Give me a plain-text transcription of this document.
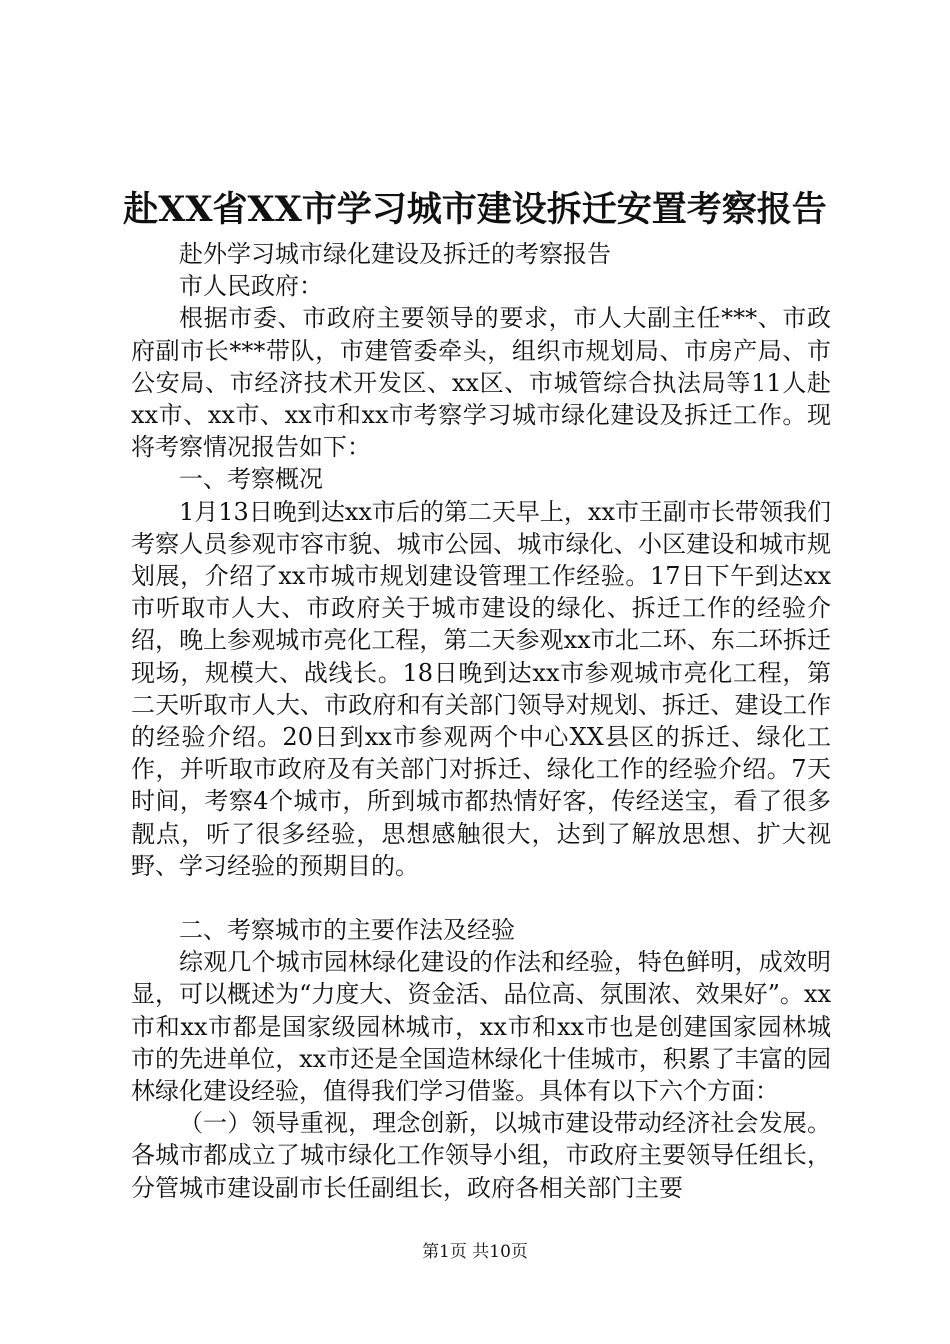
赴XX省XX市学习城市建设拆迁安置考察报告

赴外学习城市绿化建设及拆迁的考察报告

市人民政府：

根据市委、市政府主要领导的要求，市人大副主任***、市政府副市长***带队，市建管委牵头，组织市规划局、市房产局、市公安局、市经济技术开发区、xx区、市城管综合执法局等11人赴xx市、xx市、xx市和xx市考察学习城市绿化建设及拆迁工作。现将考察情况报告如下：

一、考察概况

1月13日晚到达xx市后的第二天早上，xx市王副市长带领我们考察人员参观市容市貌、城市公园、城市绿化、小区建设和城市规划展，介绍了xx市城市规划建设管理工作经验。17日下午到达xx市听取市人大、市政府关于城市建设的绿化、拆迁工作的经验介绍，晚上参观城市亮化工程，第二天参观xx市北二环、东二环拆迁现场，规模大、战线长。18日晚到达xx市参观城市亮化工程，第二天听取市人大、市政府和有关部门领导对规划、拆迁、建设工作的经验介绍。20日到xx市参观两个中心XX县区的拆迁、绿化工作，并听取市政府及有关部门对拆迁、绿化工作的经验介绍。7天时间，考察4个城市，所到城市都热情好客，传经送宝，看了很多靓点，听了很多经验，思想感触很大，达到了解放思想、扩大视野、学习经验的预期目的。

二、考察城市的主要作法及经验

综观几个城市园林绿化建设的作法和经验，特色鲜明，成效明显，可以概述为“力度大、资金活、品位高、氛围浓、效果好”。xx市和xx市都是国家级园林城市，xx市和xx市也是创建国家园林城市的先进单位，xx市还是全国造林绿化十佳城市，积累了丰富的园林绿化建设经验，值得我们学习借鉴。具体有以下六个方面：

（一）领导重视，理念创新，以城市建设带动经济社会发展。各城市都成立了城市绿化工作领导小组，市政府主要领导任组长，分管城市建设副市长任副组长，政府各相关部门主要

第1页 共10页
